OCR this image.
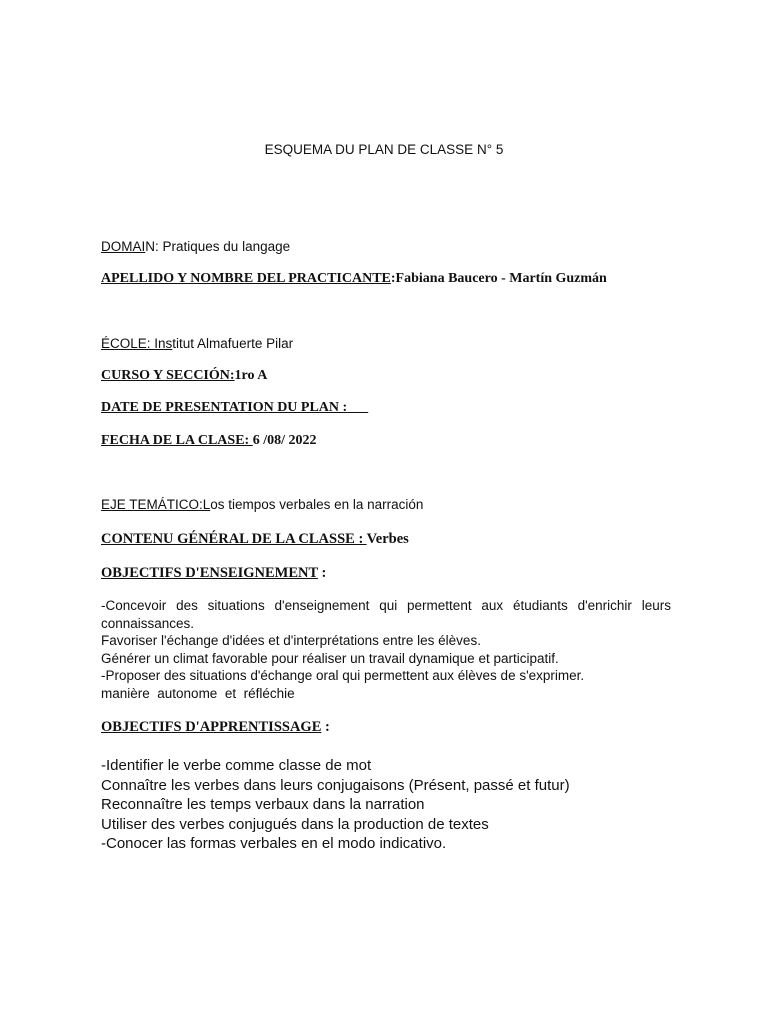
ESQUEMA DU PLAN DE CLASSE N° 5
DOMAIN: Pratiques du langage
APELLIDO Y NOMBRE DEL PRACTICANTE:Fabiana Baucero - Martín Guzmán
ÉCOLE: Institut Almafuerte Pilar
CURSO Y SECCIÓN:1ro A
DATE DE PRESENTATION DU PLAN :
FECHA DE LA CLASE: 6 /08/ 2022
EJE TEMÁTICO:Los tiempos verbales en la narración
CONTENU GÉNÉRAL DE LA CLASSE : Verbes
OBJECTIFS D'ENSEIGNEMENT :
-Concevoir des situations d'enseignement qui permettent aux étudiants d'enrichir leurs
connaissances.
Favoriser l'échange d'idées et d'interprétations entre les élèves.
Générer un climat favorable pour réaliser un travail dynamique et participatif.
-Proposer des situations d'échange oral qui permettent aux élèves de s'exprimer.
manière  autonome  et  réfléchie
OBJECTIFS D'APPRENTISSAGE :
-Identifier le verbe comme classe de mot
Connaître les verbes dans leurs conjugaisons (Présent, passé et futur)
Reconnaître les temps verbaux dans la narration
Utiliser des verbes conjugués dans la production de textes
-Conocer las formas verbales en el modo indicativo.
